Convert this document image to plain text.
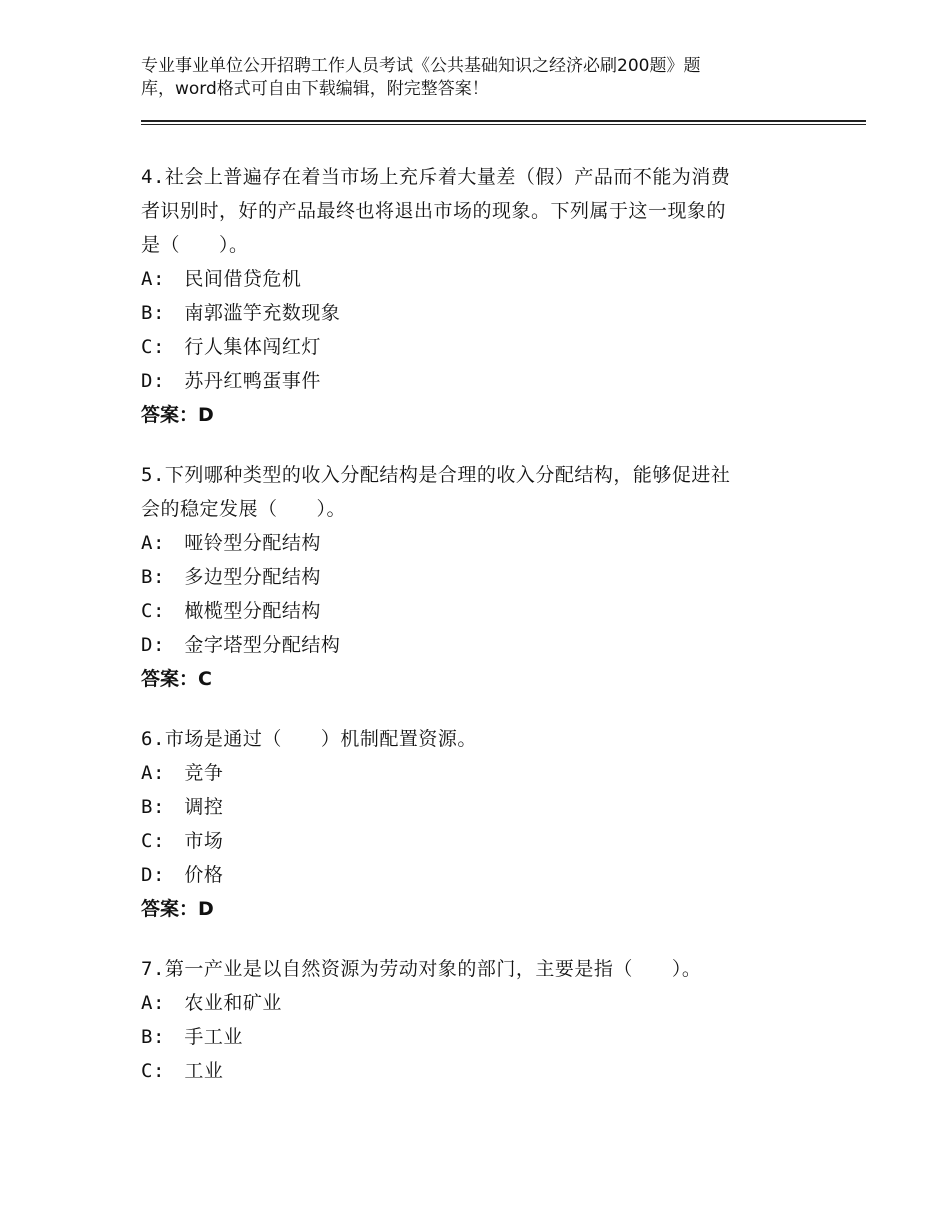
专业事业单位公开招聘工作人员考试《公共基础知识之经济必刷200题》题
库，word格式可自由下载编辑，附完整答案！
4.社会上普遍存在着当市场上充斥着大量差（假）产品而不能为消费
者识别时，好的产品最终也将退出市场的现象。下列属于这一现象的
是（　　）。
A:　民间借贷危机
B:　南郭滥竽充数现象
C:　行人集体闯红灯
D:　苏丹红鸭蛋事件
答案：D
5.下列哪种类型的收入分配结构是合理的收入分配结构，能够促进社
会的稳定发展（　　）。
A:　哑铃型分配结构
B:　多边型分配结构
C:　橄榄型分配结构
D:　金字塔型分配结构
答案：C
6.市场是通过（　　）机制配置资源。
A:　竞争
B:　调控
C:　市场
D:　价格
答案：D
7.第一产业是以自然资源为劳动对象的部门，主要是指（　　）。
A:　农业和矿业
B:　手工业
C:　工业
